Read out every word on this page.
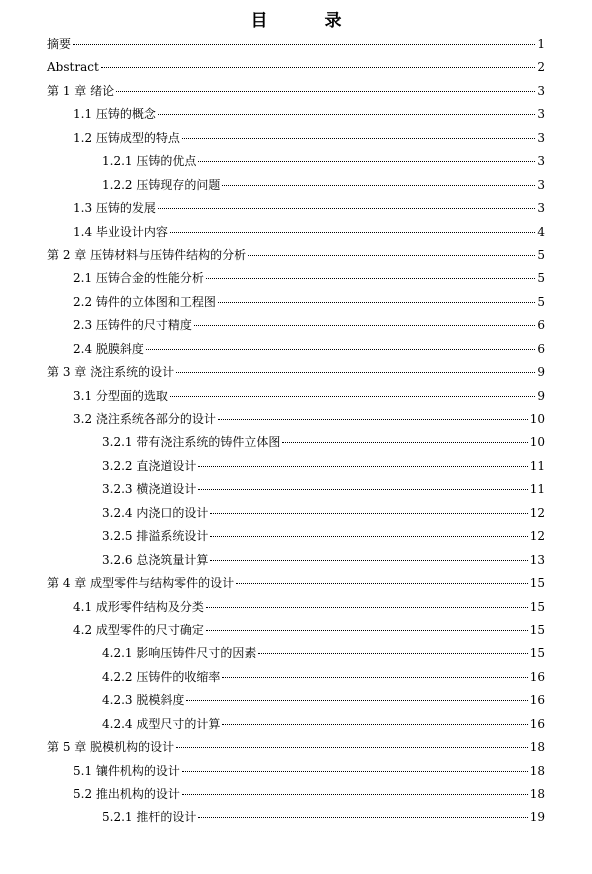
目　录
摘要	1
Abstract	2
第 1 章 绪论	3
1.1 压铸的概念	3
1.2 压铸成型的特点	3
1.2.1 压铸的优点	3
1.2.2 压铸现存的问题	3
1.3 压铸的发展	3
1.4 毕业设计内容	4
第 2 章 压铸材料与压铸件结构的分析	5
2.1 压铸合金的性能分析	5
2.2 铸件的立体图和工程图	5
2.3 压铸件的尺寸精度	6
2.4 脱膜斜度	6
第 3 章 浇注系统的设计	9
3.1 分型面的选取	9
3.2 浇注系统各部分的设计	10
3.2.1 带有浇注系统的铸件立体图	10
3.2.2 直浇道设计	11
3.2.3 横浇道设计	11
3.2.4 内浇口的设计	12
3.2.5 排溢系统设计	12
3.2.6 总浇筑量计算	13
第 4 章 成型零件与结构零件的设计	15
4.1 成形零件结构及分类	15
4.2 成型零件的尺寸确定	15
4.2.1 影响压铸件尺寸的因素	15
4.2.2 压铸件的收缩率	16
4.2.3 脱模斜度	16
4.2.4 成型尺寸的计算	16
第 5 章 脱模机构的设计	18
5.1 镶件机构的设计	18
5.2 推出机构的设计	18
5.2.1 推杆的设计	19
